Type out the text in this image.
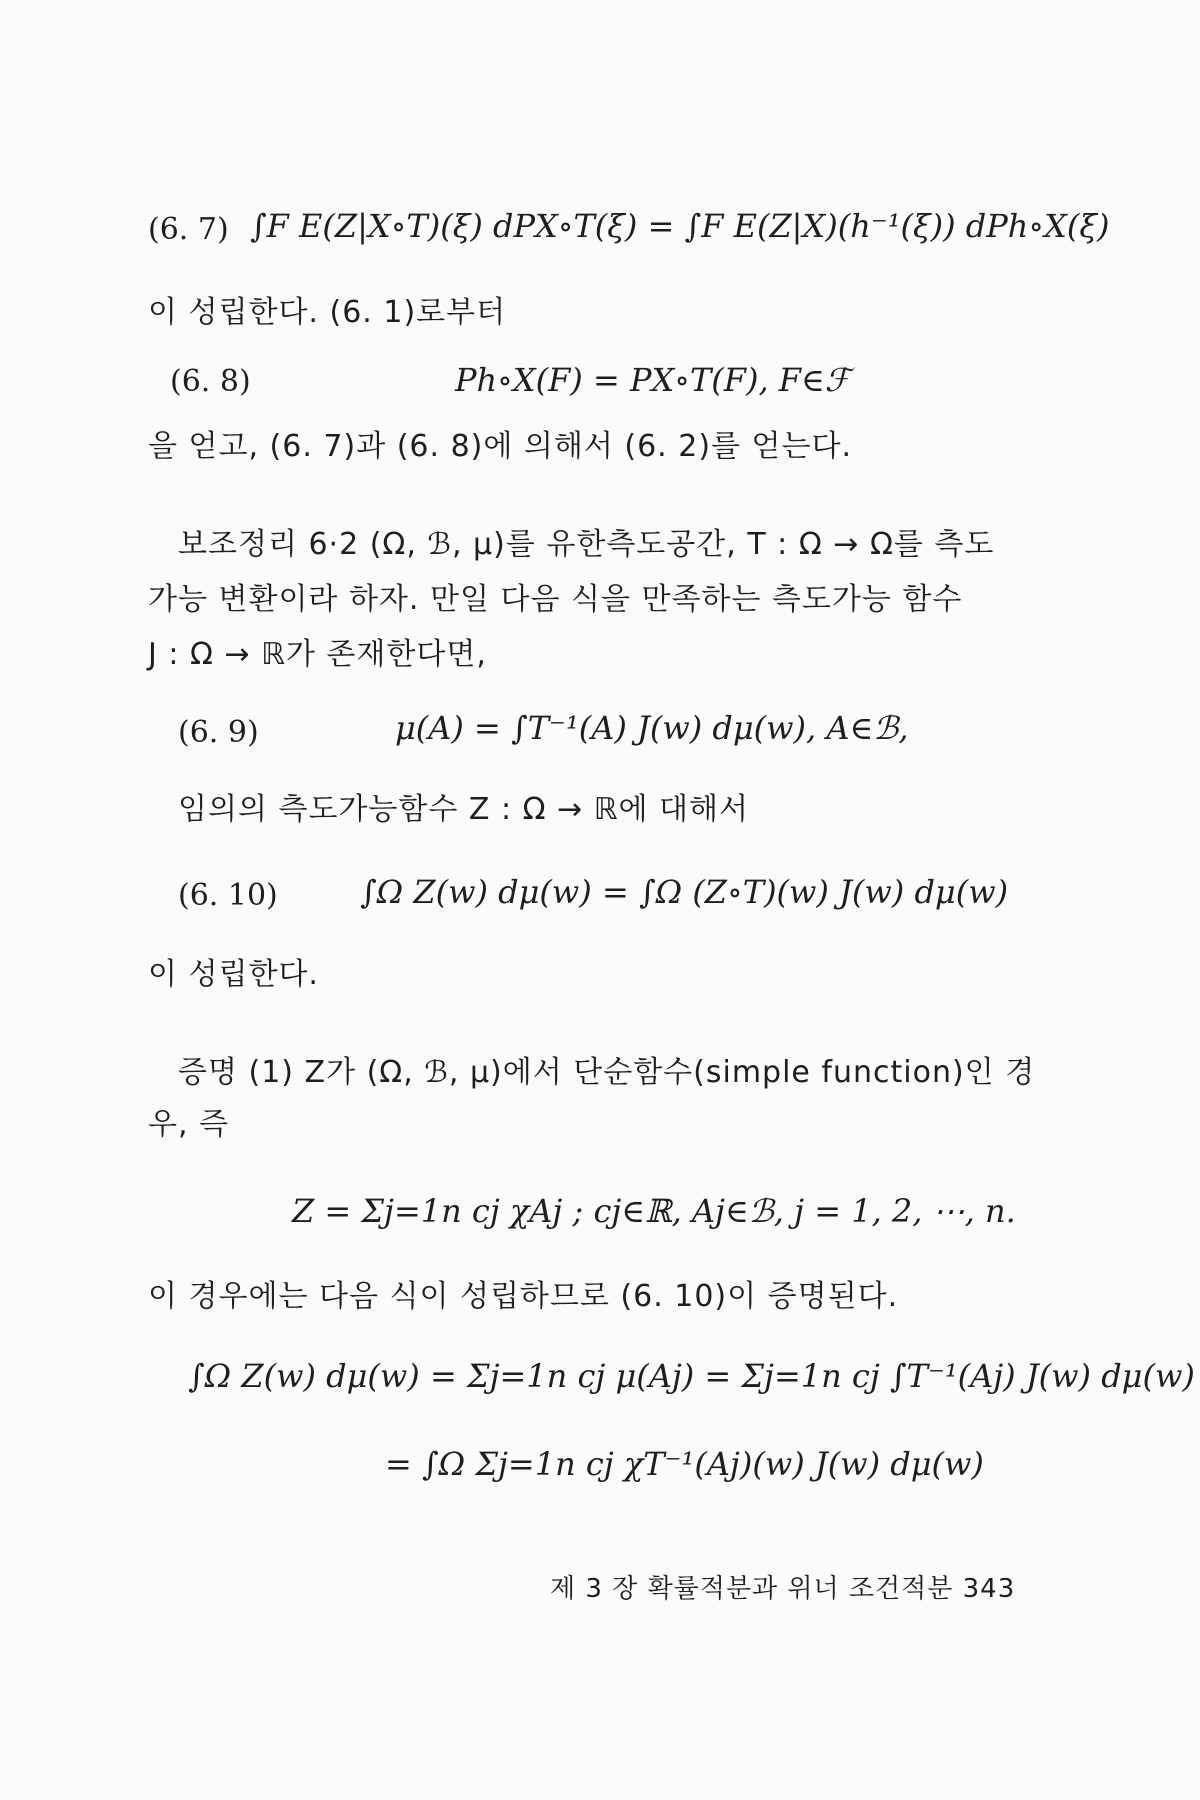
(6. 7) ∫F E(Z|X∘T)(ξ) dPX∘T(ξ) = ∫F E(Z|X)(h⁻¹(ξ)) dPh∘X(ξ)
이 성립한다. (6. 1)로부터
(6. 8)	Ph∘X(F) = PX∘T(F), F∈ℱ
을 얻고, (6. 7)과 (6. 8)에 의해서 (6. 2)를 얻는다.
보조정리 6·2 (Ω, ℬ, μ)를 유한측도공간, T : Ω → Ω를 측도
가능 변환이라 하자. 만일 다음 식을 만족하는 측도가능 함수
J : Ω → ℝ가 존재한다면,
(6. 9)	μ(A) = ∫T⁻¹(A) J(w) dμ(w), A∈ℬ,
임의의 측도가능함수 Z : Ω → ℝ에 대해서
(6. 10)	∫Ω Z(w) dμ(w) = ∫Ω (Z∘T)(w) J(w) dμ(w)
이 성립한다.
증명 (1) Z가 (Ω, ℬ, μ)에서 단순함수(simple function)인 경
우, 즉
Z = Σj=1n cj χAj ; cj∈ℝ, Aj∈ℬ, j = 1, 2, ⋯, n.
이 경우에는 다음 식이 성립하므로 (6. 10)이 증명된다.
∫Ω Z(w) dμ(w) = Σj=1n cj μ(Aj) = Σj=1n cj ∫T⁻¹(Aj) J(w) dμ(w)
= ∫Ω Σj=1n cj χT⁻¹(Aj)(w) J(w) dμ(w)
제 3 장 확률적분과 위너 조건적분 343
